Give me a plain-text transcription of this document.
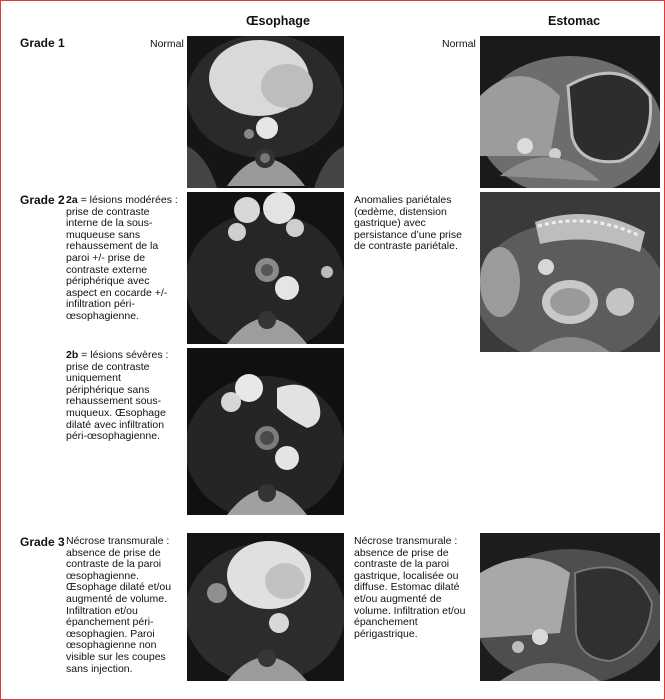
Œsophage	Estomac
Grade 1
Grade 2
Grade 3
Normal	Normal
2a = lésions modérées : prise de contraste interne de la sous-muqueuse sans rehaussement de la paroi +/- prise de contraste externe périphérique avec aspect en cocarde +/- infiltration péri-œsophagienne.
Anomalies pariétales (œdème, distension gastrique) avec persistance d’une prise de contraste pariétale.
2b = lésions sévères : prise de contraste uniquement périphérique sans rehaussement sous-muqueux. Œsophage dilaté avec infiltration péri-œsophagienne.
Nécrose transmurale : absence de prise de contraste de la paroi œsophagienne. Œsophage dilaté et/ou augmenté de volume. Infiltration et/ou épanchement péri-œsophagien. Paroi œsophagienne non visible sur les coupes sans injection.
Nécrose transmurale : absence de prise de contraste de la paroi gastrique, localisée ou diffuse. Estomac dilaté et/ou augmenté de volume. Infiltration et/ou épanchement périgastrique.
